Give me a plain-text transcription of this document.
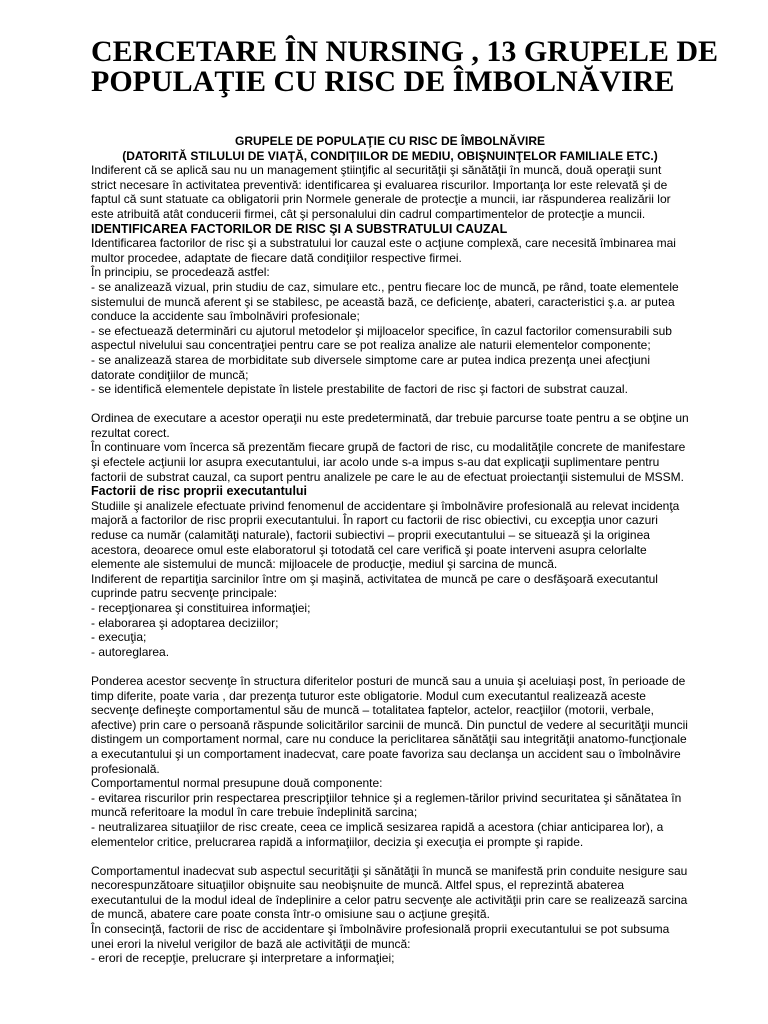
CERCETARE ÎN NURSING , 13 GRUPELE DE POPULAŢIE CU RISC DE ÎMBOLNĂVIRE
GRUPELE DE POPULAŢIE CU RISC DE ÎMBOLNĂVIRE
(DATORITĂ STILULUI DE VIAŢĂ, CONDIŢIILOR DE MEDIU, OBIŞNUINŢELOR FAMILIALE ETC.)
Indiferent că se aplică sau nu un management ştiinţific al securităţii şi sănătăţii în muncă, două operaţii sunt strict necesare în activitatea preventivă: identificarea şi evaluarea riscurilor. Importanţa lor este relevată şi de faptul că sunt statuate ca obligatorii prin Normele generale de protecţie a muncii, iar răspunderea realizării lor este atribuită atât conducerii firmei, cât şi personalului din cadrul compartimentelor de protecţie a muncii.
IDENTIFICAREA FACTORILOR DE RISC ŞI A SUBSTRATULUI CAUZAL
Identificarea factorilor de risc şi a substratului lor cauzal este o acţiune complexă, care necesită îmbinarea mai multor procedee, adaptate de fiecare dată condiţiilor respective firmei.
În principiu, se procedează astfel:
- se analizează vizual, prin studiu de caz, simulare etc., pentru fiecare loc de muncă, pe rând, toate elementele sistemului de muncă aferent şi se stabilesc, pe această bază, ce deficienţe, abateri, caracteristici ş.a. ar putea conduce la accidente sau îmbolnăviri profesionale;
- se efectuează determinări cu ajutorul metodelor şi mijloacelor specifice, în cazul factorilor comensurabili sub aspectul nivelului sau concentraţiei pentru care se pot realiza analize ale naturii elementelor componente;
- se analizează starea de morbiditate sub diversele simptome care ar putea indica prezenţa unei afecţiuni datorate condiţiilor de muncă;
- se identifică elementele depistate în listele prestabilite de factori de risc şi factori de substrat cauzal.
Ordinea de executare a acestor operaţii nu este predeterminată, dar trebuie parcurse toate pentru a se obţine un rezultat corect.
În continuare vom încerca să prezentăm fiecare grupă de factori de risc, cu modalităţile concrete de manifestare şi efectele acţiunii lor asupra executantului, iar acolo unde s-a impus s-au dat explicaţii suplimentare pentru factorii de substrat cauzal, ca suport pentru analizele pe care le au de efectuat proiectanţii sistemului de MSSM.
Factorii de risc proprii executantului
Studiile şi analizele efectuate privind fenomenul de accidentare şi îmbolnăvire profesională au relevat incidenţa majoră a factorilor de risc proprii executantului. În raport cu factorii de risc obiectivi, cu excepţia unor cazuri reduse ca număr (calamităţi naturale), factorii subiectivi – proprii executantului – se situează şi la originea acestora, deoarece omul este elaboratorul şi totodată cel care verifică şi poate interveni asupra celorlalte elemente ale sistemului de muncă: mijloacele de producţie, mediul şi sarcina de muncă.
Indiferent de repartiţia sarcinilor între om şi maşină, activitatea de muncă pe care o desfăşoară executantul cuprinde patru secvenţe principale:
- recepţionarea şi constituirea informaţiei;
- elaborarea şi adoptarea deciziilor;
- execuţia;
- autoreglarea.
Ponderea acestor secvenţe în structura diferitelor posturi de muncă sau a unuia şi aceluiaşi post, în perioade de timp diferite, poate varia , dar prezenţa tuturor este obligatorie. Modul cum executantul realizează aceste secvenţe defineşte comportamentul său de muncă – totalitatea faptelor, actelor, reacţiilor (motorii, verbale, afective) prin care o persoană răspunde solicitărilor sarcinii de muncă. Din punctul de vedere al securităţii muncii distingem un comportament normal, care nu conduce la periclitarea sănătăţii sau integrităţii anatomo-funcţionale a executantului şi un comportament inadecvat, care poate favoriza sau declanşa un accident sau o îmbolnăvire profesională.
Comportamentul normal presupune două componente:
- evitarea riscurilor prin respectarea prescripţiilor tehnice şi a reglemen-tărilor privind securitatea şi sănătatea în muncă referitoare la modul în care trebuie îndeplinită sarcina;
- neutralizarea situaţiilor de risc create, ceea ce implică sesizarea rapidă a acestora (chiar anticiparea lor), a elementelor critice, prelucrarea rapidă a informaţiilor, decizia şi execuţia ei prompte şi rapide.
Comportamentul inadecvat sub aspectul securităţii şi sănătăţii în muncă se manifestă prin conduite nesigure sau necorespunzătoare situaţiilor obişnuite sau neobişnuite de muncă. Altfel spus, el reprezintă abaterea executantului de la modul ideal de îndeplinire a celor patru secvenţe ale activităţii prin care se realizează sarcina de muncă, abatere care poate consta într-o omisiune sau o acţiune greşită.
În consecinţă, factorii de risc de accidentare şi îmbolnăvire profesională proprii executantului se pot subsuma unei erori la nivelul verigilor de bază ale activităţii de muncă:
- erori de recepţie, prelucrare şi interpretare a informaţiei;
